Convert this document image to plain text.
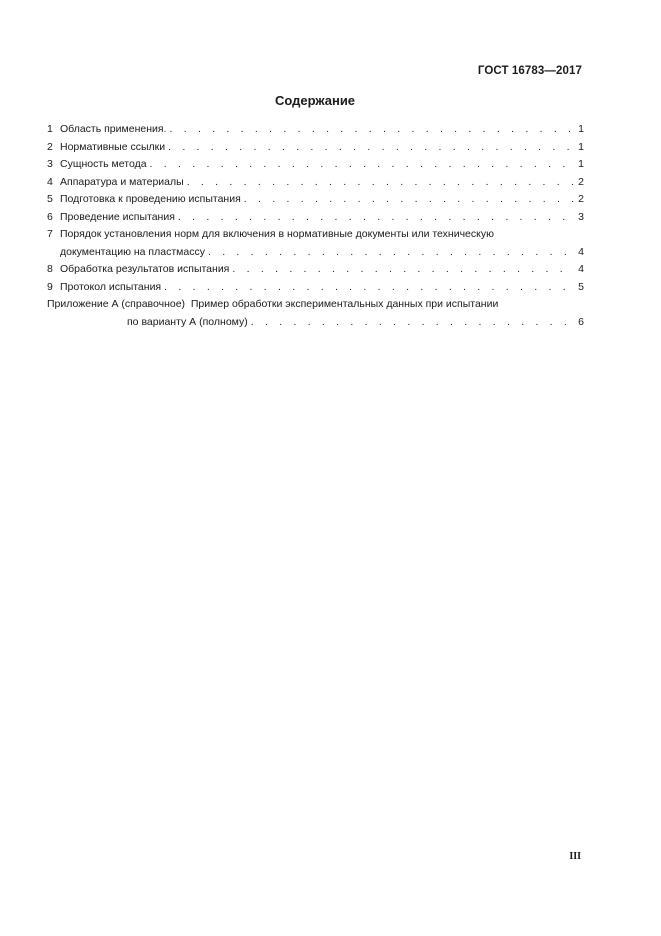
ГОСТ 16783—2017
Содержание
1 Область применения. . . .	1
2 Нормативные ссылки . . .	1
3 Сущность метода . . .	1
4 Аппаратура и материалы . . .	2
5 Подготовка к проведению испытания . . .	2
6 Проведение испытания . . .	3
7 Порядок установления норм для включения в нормативные документы или техническую
документацию на пластмассу . . .	4
8 Обработка результатов испытания . . .	4
9 Протокол испытания . . .	5
Приложение А (справочное)  Пример обработки экспериментальных данных при испытании
по варианту А (полному) . . .	6
III
